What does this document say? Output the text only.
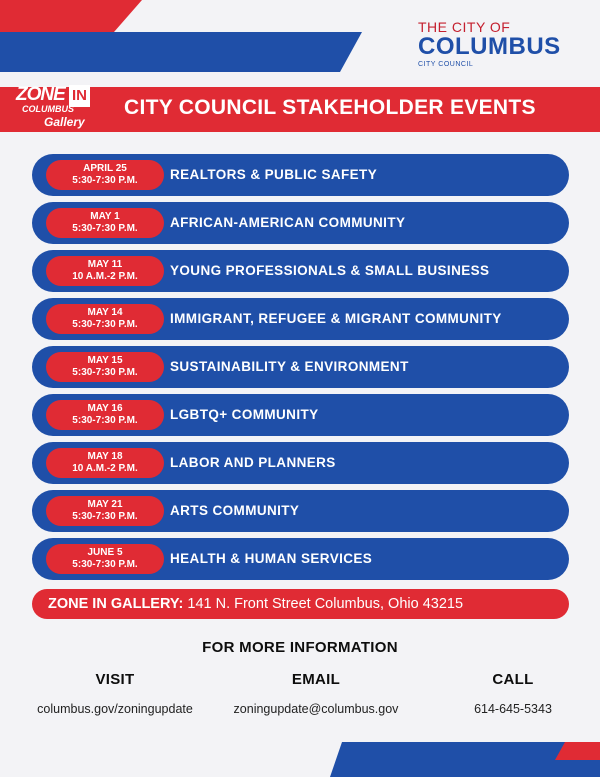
THE CITY OF
COLUMBUS
CITY COUNCIL
ZONE IN
COLUMBUS
Gallery
CITY COUNCIL STAKEHOLDER EVENTS
APRIL 25
5:30-7:30 P.M.	REALTORS & PUBLIC SAFETY
MAY 1
5:30-7:30 P.M.	AFRICAN-AMERICAN COMMUNITY
MAY 11
10 A.M.-2 P.M.	YOUNG PROFESSIONALS & SMALL BUSINESS
MAY 14
5:30-7:30 P.M.	IMMIGRANT, REFUGEE & MIGRANT COMMUNITY
MAY 15
5:30-7:30 P.M.	SUSTAINABILITY & ENVIRONMENT
MAY 16
5:30-7:30 P.M.	LGBTQ+ COMMUNITY
MAY 18
10 A.M.-2 P.M.	LABOR AND PLANNERS
MAY 21
5:30-7:30 P.M.	ARTS COMMUNITY
JUNE 5
5:30-7:30 P.M.	HEALTH & HUMAN SERVICES
ZONE IN GALLERY: 141 N. Front Street Columbus, Ohio 43215
FOR MORE INFORMATION
VISIT
columbus.gov/zoningupdate
EMAIL
zoningupdate@columbus.gov
CALL
614-645-5343
